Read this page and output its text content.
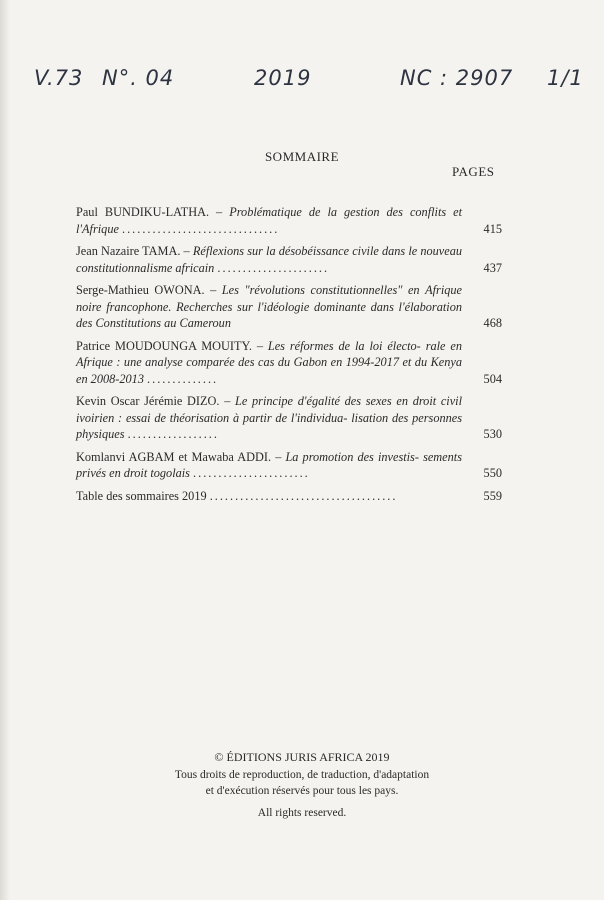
V.73 N°. 04	2019	NC : 2907 1/1
SOMMAIRE
PAGES
Paul BUNDIKU-LATHA. – Problématique de la gestion des conflits et l'Afrique ...............................	415
Jean Nazaire TAMA. – Réflexions sur la désobéissance civile dans le nouveau constitutionnalisme africain ......................	437
Serge-Mathieu OWONA. – Les "révolutions constitutionnelles" en Afrique noire francophone. Recherches sur l'idéologie dominante dans l'élaboration des Constitutions au Cameroun	468
Patrice MOUDOUNGA MOUITY. – Les réformes de la loi électo- rale en Afrique : une analyse comparée des cas du Gabon en 1994-2017 et du Kenya en 2008-2013 ..............	504
Kevin Oscar Jérémie DIZO. – Le principe d'égalité des sexes en droit civil ivoirien : essai de théorisation à partir de l'individua- lisation des personnes physiques ..................	530
Komlanvi AGBAM et Mawaba ADDI. – La promotion des investis- sements privés en droit togolais .......................	550
Table des sommaires 2019 .....................................	559
© ÉDITIONS JURIS AFRICA 2019
Tous droits de reproduction, de traduction, d'adaptation
et d'exécution réservés pour tous les pays.
All rights reserved.
